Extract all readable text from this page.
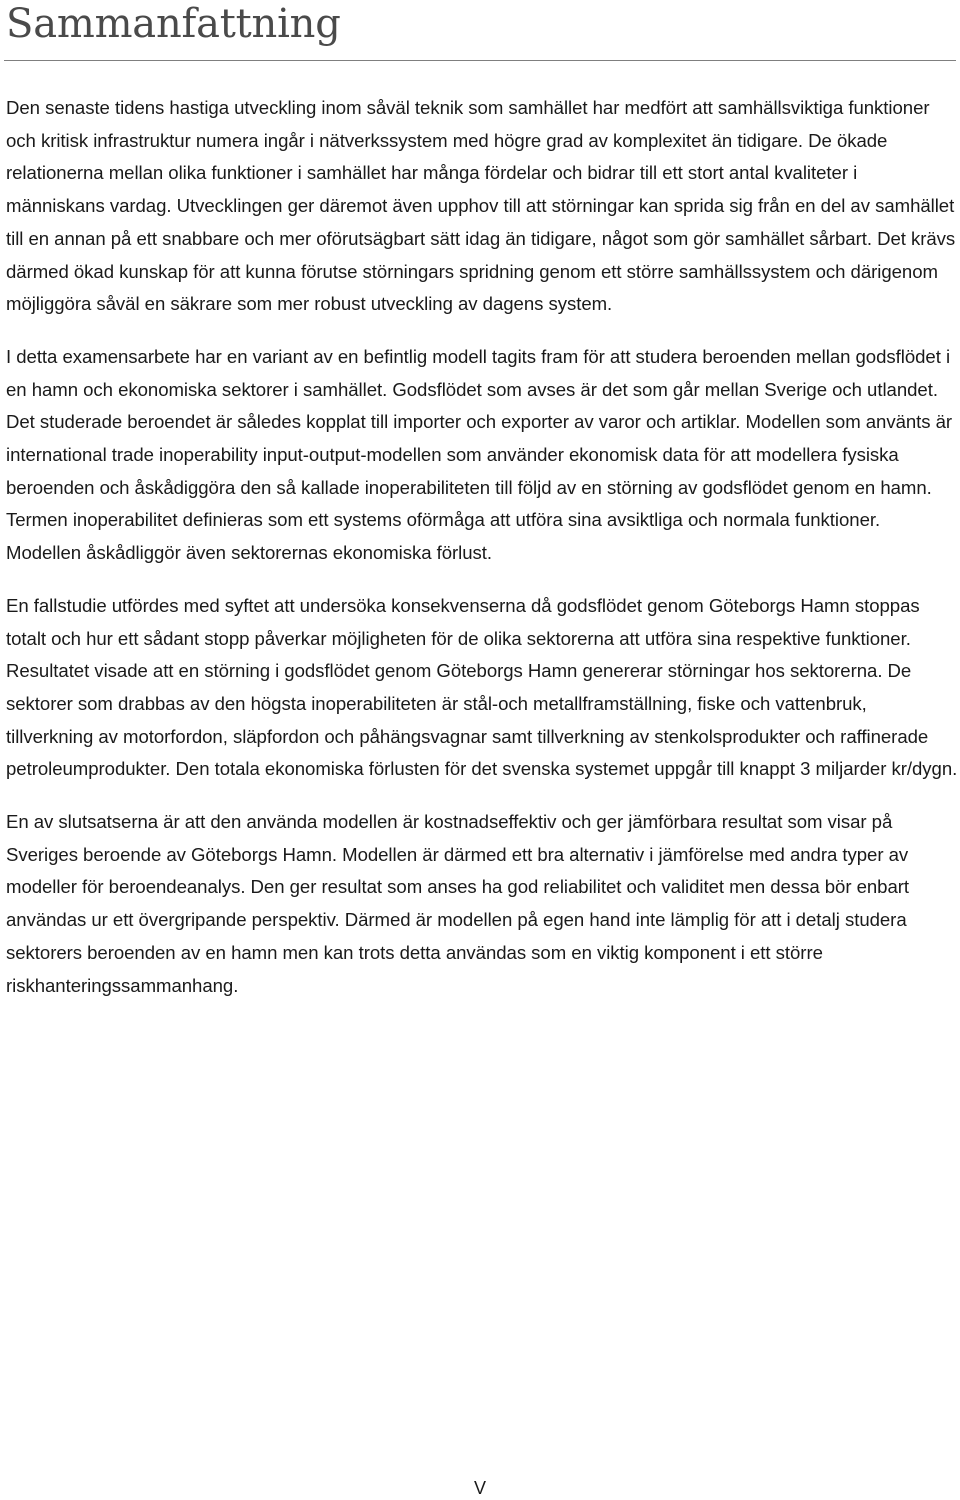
Sammanfattning

Den senaste tidens hastiga utveckling inom såväl teknik som samhället har medfört att samhällsviktiga funktioner och kritisk infrastruktur numera ingår i nätverkssystem med högre grad av komplexitet än tidigare. De ökade relationerna mellan olika funktioner i samhället har många fördelar och bidrar till ett stort antal kvaliteter i människans vardag. Utvecklingen ger däremot även upphov till att störningar kan sprida sig från en del av samhället till en annan på ett snabbare och mer oförutsägbart sätt idag än tidigare, något som gör samhället sårbart. Det krävs därmed ökad kunskap för att kunna förutse störningars spridning genom ett större samhällssystem och därigenom möjliggöra såväl en säkrare som mer robust utveckling av dagens system.

I detta examensarbete har en variant av en befintlig modell tagits fram för att studera beroenden mellan godsflödet i en hamn och ekonomiska sektorer i samhället. Godsflödet som avses är det som går mellan Sverige och utlandet. Det studerade beroendet är således kopplat till importer och exporter av varor och artiklar. Modellen som använts är international trade inoperability input-output-modellen som använder ekonomisk data för att modellera fysiska beroenden och åskådiggöra den så kallade inoperabiliteten till följd av en störning av godsflödet genom en hamn. Termen inoperabilitet definieras som ett systems oförmåga att utföra sina avsiktliga och normala funktioner. Modellen åskådliggör även sektorernas ekonomiska förlust.

En fallstudie utfördes med syftet att undersöka konsekvenserna då godsflödet genom Göteborgs Hamn stoppas totalt och hur ett sådant stopp påverkar möjligheten för de olika sektorerna att utföra sina respektive funktioner. Resultatet visade att en störning i godsflödet genom Göteborgs Hamn genererar störningar hos sektorerna. De sektorer som drabbas av den högsta inoperabiliteten är stål-och metallframställning, fiske och vattenbruk, tillverkning av motorfordon, släpfordon och påhängsvagnar samt tillverkning av stenkolsprodukter och raffinerade petroleumprodukter. Den totala ekonomiska förlusten för det svenska systemet uppgår till knappt 3 miljarder kr/dygn.

En av slutsatserna är att den använda modellen är kostnadseffektiv och ger jämförbara resultat som visar på Sveriges beroende av Göteborgs Hamn. Modellen är därmed ett bra alternativ i jämförelse med andra typer av modeller för beroendeanalys. Den ger resultat som anses ha god reliabilitet och validitet men dessa bör enbart användas ur ett övergripande perspektiv. Därmed är modellen på egen hand inte lämplig för att i detalj studera sektorers beroenden av en hamn men kan trots detta användas som en viktig komponent i ett större riskhanteringssammanhang.

V
